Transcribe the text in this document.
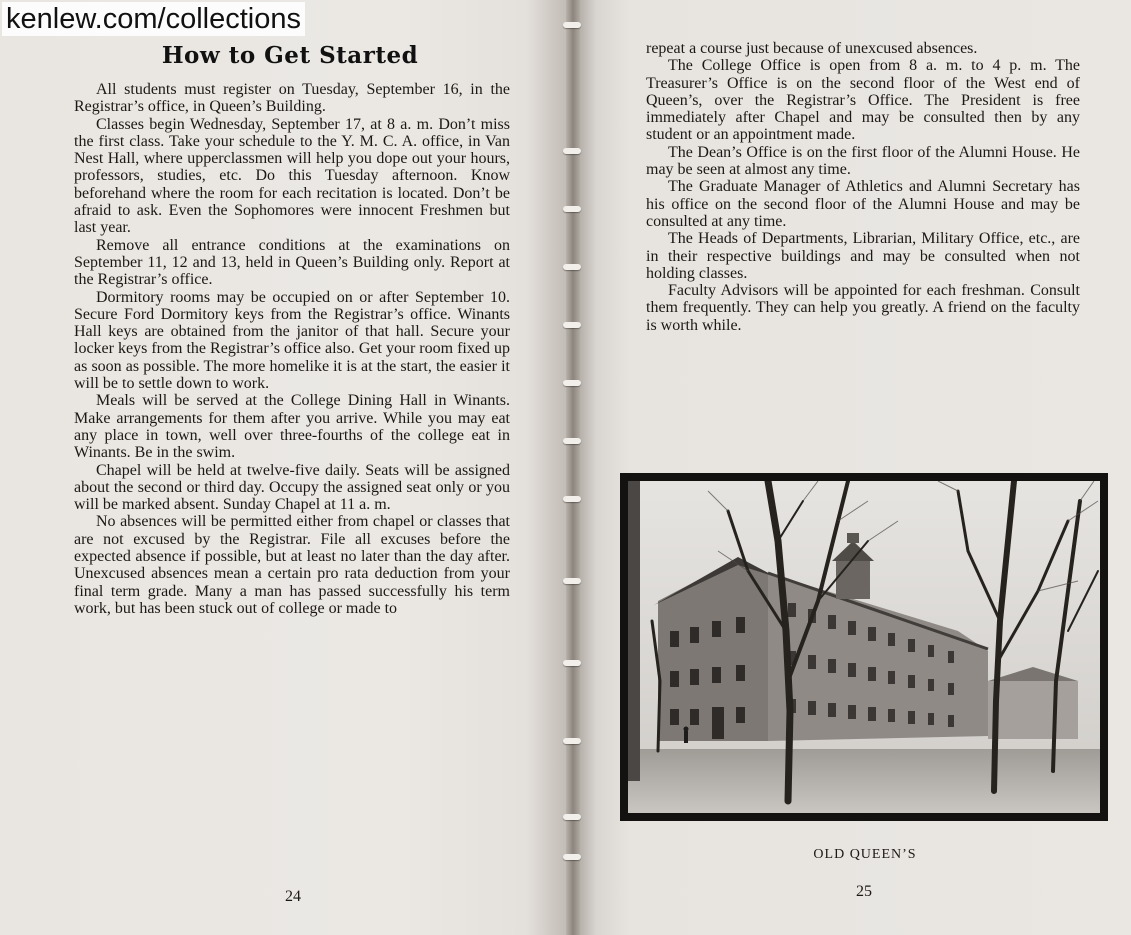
kenlew.com/collections
How to Get Started

All students must register on Tuesday, September 16, in the Registrar’s office, in Queen’s Building.

Classes begin Wednesday, September 17, at 8 a. m. Don’t miss the first class. Take your schedule to the Y. M. C. A. office, in Van Nest Hall, where upperclassmen will help you dope out your hours, professors, studies, etc. Do this Tuesday afternoon. Know beforehand where the room for each recitation is located. Don’t be afraid to ask. Even the Sophomores were innocent Freshmen but last year.

Remove all entrance conditions at the examinations on September 11, 12 and 13, held in Queen’s Building only. Report at the Registrar’s office.

Dormitory rooms may be occupied on or after September 10. Secure Ford Dormitory keys from the Registrar’s office. Winants Hall keys are obtained from the janitor of that hall. Secure your locker keys from the Registrar’s office also. Get your room fixed up as soon as possible. The more homelike it is at the start, the easier it will be to settle down to work.

Meals will be served at the College Dining Hall in Winants. Make arrangements for them after you arrive. While you may eat any place in town, well over three-fourths of the college eat in Winants. Be in the swim.

Chapel will be held at twelve-five daily. Seats will be assigned about the second or third day. Occupy the assigned seat only or you will be marked absent. Sunday Chapel at 11 a. m.

No absences will be permitted either from chapel or classes that are not excused by the Registrar. File all excuses before the expected absence if possible, but at least no later than the day after. Unexcused absences mean a certain pro rata deduction from your final term grade. Many a man has passed successfully his term work, but has been stuck out of college or made to

24

repeat a course just because of unexcused absences.

The College Office is open from 8 a. m. to 4 p. m. The Treasurer’s Office is on the second floor of the West end of Queen’s, over the Registrar’s Office. The President is free immediately after Chapel and may be consulted then by any student or an appointment made.

The Dean’s Office is on the first floor of the Alumni House. He may be seen at almost any time.

The Graduate Manager of Athletics and Alumni Secretary has his office on the second floor of the Alumni House and may be consulted at any time.

The Heads of Departments, Librarian, Military Office, etc., are in their respective buildings and may be consulted when not holding classes.

Faculty Advisors will be appointed for each freshman. Consult them frequently. They can help you greatly. A friend on the faculty is worth while.

OLD QUEEN’S
25
